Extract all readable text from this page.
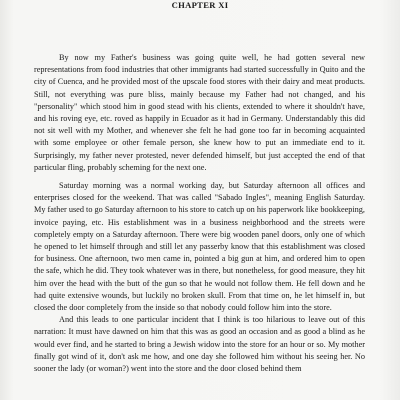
CHAPTER XI

By now my Father's business was going quite well, he had gotten several new representations from food industries that other immigrants had started successfully in Quito and the city of Cuenca, and he provided most of the upscale food stores with their dairy and meat products. Still, not everything was pure bliss, mainly because my Father had not changed, and his "personality" which stood him in good stead with his clients, extended to where it shouldn't have, and his roving eye, etc. roved as happily in Ecuador as it had in Germany. Understandably this did not sit well with my Mother, and whenever she felt he had gone too far in becoming acquainted with some employee or other female person, she knew how to put an immediate end to it. Surprisingly, my father never protested, never defended himself, but just accepted the end of that particular fling, probably scheming for the next one.

Saturday morning was a normal working day, but Saturday afternoon all offices and enterprises closed for the weekend. That was called "Sabado Ingles", meaning English Saturday. My father used to go Saturday afternoon to his store to catch up on his paperwork like bookkeeping, invoice paying, etc. His establishment was in a business neighborhood and the streets were completely empty on a Saturday afternoon. There were big wooden panel doors, only one of which he opened to let himself through and still let any passerby know that this establishment was closed for business. One afternoon, two men came in, pointed a big gun at him, and ordered him to open the safe, which he did. They took whatever was in there, but nonetheless, for good measure, they hit him over the head with the butt of the gun so that he would not follow them. He fell down and he had quite extensive wounds, but luckily no broken skull. From that time on, he let himself in, but closed the door completely from the inside so that nobody could follow him into the store.

And this leads to one particular incident that I think is too hilarious to leave out of this narration: It must have dawned on him that this was as good an occasion and as good a blind as he would ever find, and he started to bring a Jewish widow into the store for an hour or so. My mother finally got wind of it, don't ask me how, and one day she followed him without his seeing her. No sooner the lady (or woman?) went into the store and the door closed behind them
